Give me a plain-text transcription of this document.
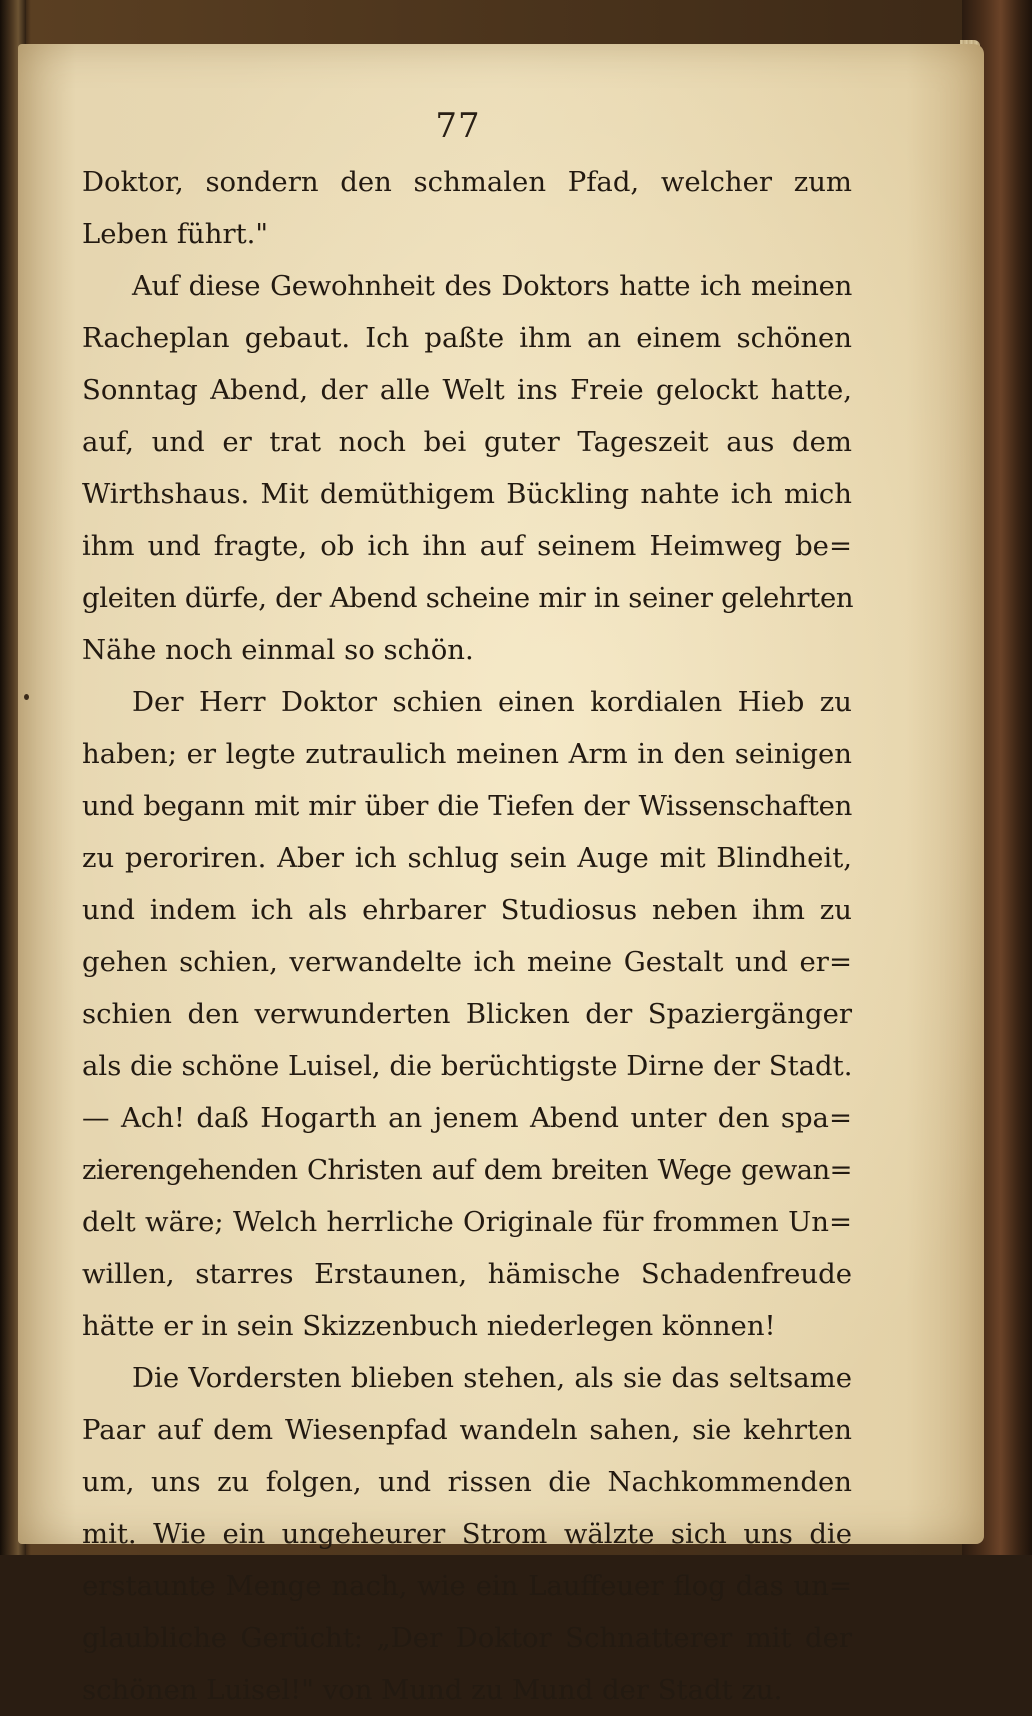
77
Doktor, sondern den schmalen Pfad, welcher zum
Leben führt."
Auf diese Gewohnheit des Doktors hatte ich meinen
Racheplan gebaut. Ich paßte ihm an einem schönen
Sonntag Abend, der alle Welt ins Freie gelockt hatte,
auf, und er trat noch bei guter Tageszeit aus dem
Wirthshaus. Mit demüthigem Bückling nahte ich mich
ihm und fragte, ob ich ihn auf seinem Heimweg be=
gleiten dürfe, der Abend scheine mir in seiner gelehrten
Nähe noch einmal so schön.
Der Herr Doktor schien einen kordialen Hieb zu
haben; er legte zutraulich meinen Arm in den seinigen
und begann mit mir über die Tiefen der Wissenschaften
zu peroriren. Aber ich schlug sein Auge mit Blindheit,
und indem ich als ehrbarer Studiosus neben ihm zu
gehen schien, verwandelte ich meine Gestalt und er=
schien den verwunderten Blicken der Spaziergänger
als die schöne Luisel, die berüchtigste Dirne der Stadt.
— Ach! daß Hogarth an jenem Abend unter den spa=
zierengehenden Christen auf dem breiten Wege gewan=
delt wäre; Welch herrliche Originale für frommen Un=
willen, starres Erstaunen, hämische Schadenfreude
hätte er in sein Skizzenbuch niederlegen können!
Die Vordersten blieben stehen, als sie das seltsame
Paar auf dem Wiesenpfad wandeln sahen, sie kehrten
um, uns zu folgen, und rissen die Nachkommenden
mit. Wie ein ungeheurer Strom wälzte sich uns die
erstaunte Menge nach, wie ein Lauffeuer flog das un=
glaubliche Gerücht: „Der Doktor Schnatterer mit der
schönen Luisel!" von Mund zu Mund der Stadt zu.
